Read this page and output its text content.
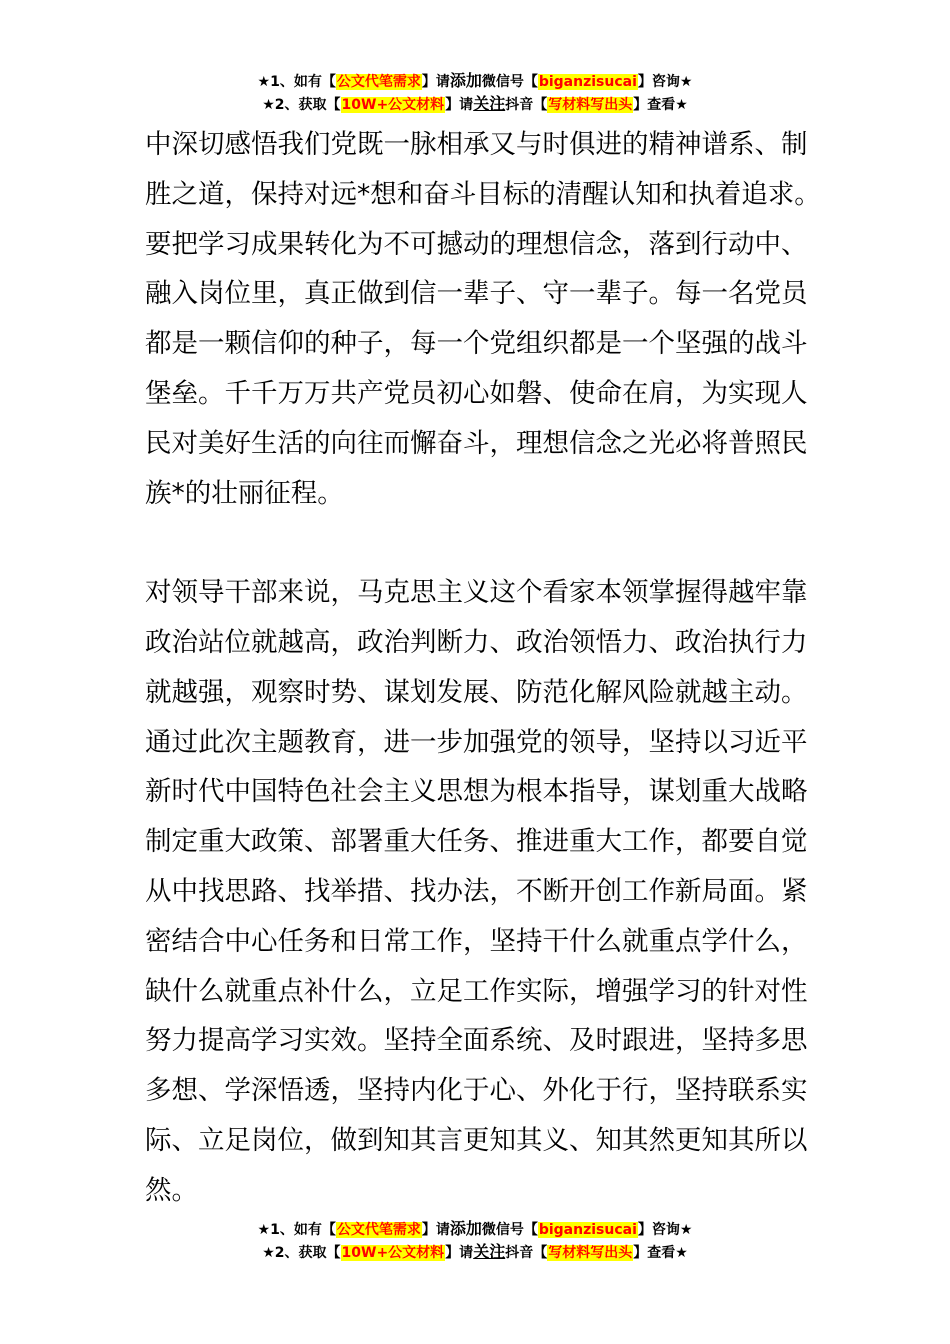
★1、如有【公文代笔需求】请添加微信号【biganzisucai】咨询★
★2、获取【10W+公文材料】请关注抖音【写材料写出头】查看★
中深切感悟我们党既一脉相承又与时俱进的精神谱系、制
胜之道，保持对远*想和奋斗目标的清醒认知和执着追求。
要把学习成果转化为不可撼动的理想信念，落到行动中、
融入岗位里，真正做到信一辈子、守一辈子。每一名党员
都是一颗信仰的种子，每一个党组织都是一个坚强的战斗
堡垒。千千万万共产党员初心如磐、使命在肩，为实现人
民对美好生活的向往而懈奋斗，理想信念之光必将普照民
族*的壮丽征程。
对领导干部来说，马克思主义这个看家本领掌握得越牢靠
政治站位就越高，政治判断力、政治领悟力、政治执行力
就越强，观察时势、谋划发展、防范化解风险就越主动。
通过此次主题教育，进一步加强党的领导，坚持以习近平
新时代中国特色社会主义思想为根本指导，谋划重大战略
制定重大政策、部署重大任务、推进重大工作，都要自觉
从中找思路、找举措、找办法，不断开创工作新局面。紧
密结合中心任务和日常工作，坚持干什么就重点学什么，
缺什么就重点补什么，立足工作实际，增强学习的针对性
努力提高学习实效。坚持全面系统、及时跟进，坚持多思
多想、学深悟透，坚持内化于心、外化于行，坚持联系实
际、立足岗位，做到知其言更知其义、知其然更知其所以
然。
★1、如有【公文代笔需求】请添加微信号【biganzisucai】咨询★
★2、获取【10W+公文材料】请关注抖音【写材料写出头】查看★
